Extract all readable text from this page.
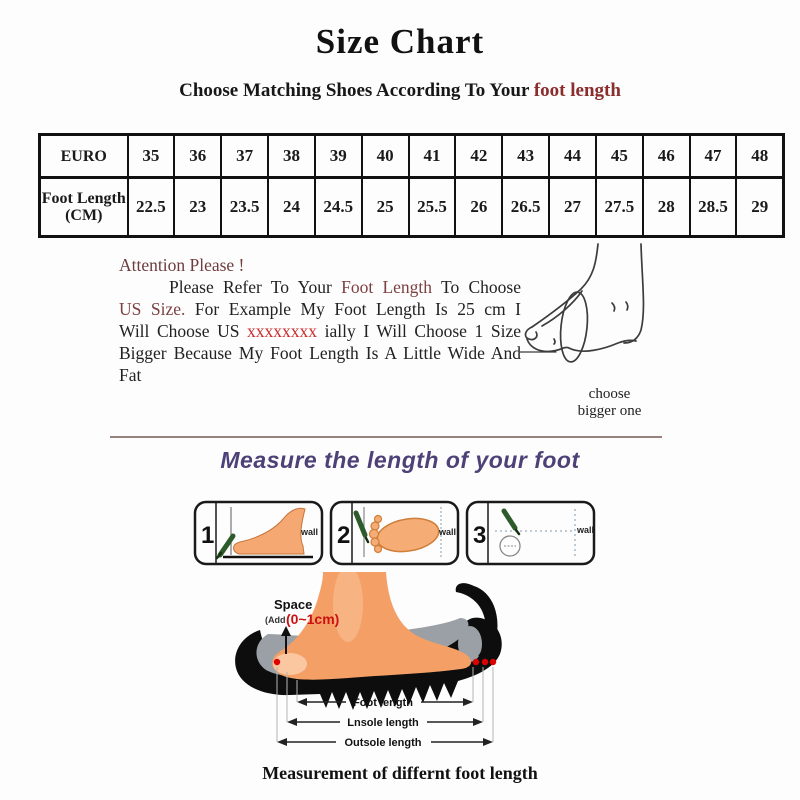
Size Chart
Choose Matching Shoes According To Your foot length
EURO	35	36	37	38	39	40	41	42	43	44	45	46	47	48
Foot Length (CM)	22.5	23	23.5	24	24.5	25	25.5	26	26.5	27	27.5	28	28.5	29
Attention Please !

Please Refer To Your Foot Length To Choose US Size. For Example My Foot Length Is 25 cm I Will Choose US xxxxxxxx ially I Will Choose 1 Size Bigger Because My Foot Length Is A Little Wide And Fat

choose
bigger one
Measure the length of your foot
1	wall 2	wall 3	wall
Space
(Add (0~1cm)
Foot length
Lnsole length
Outsole length
Measurement of differnt foot length
